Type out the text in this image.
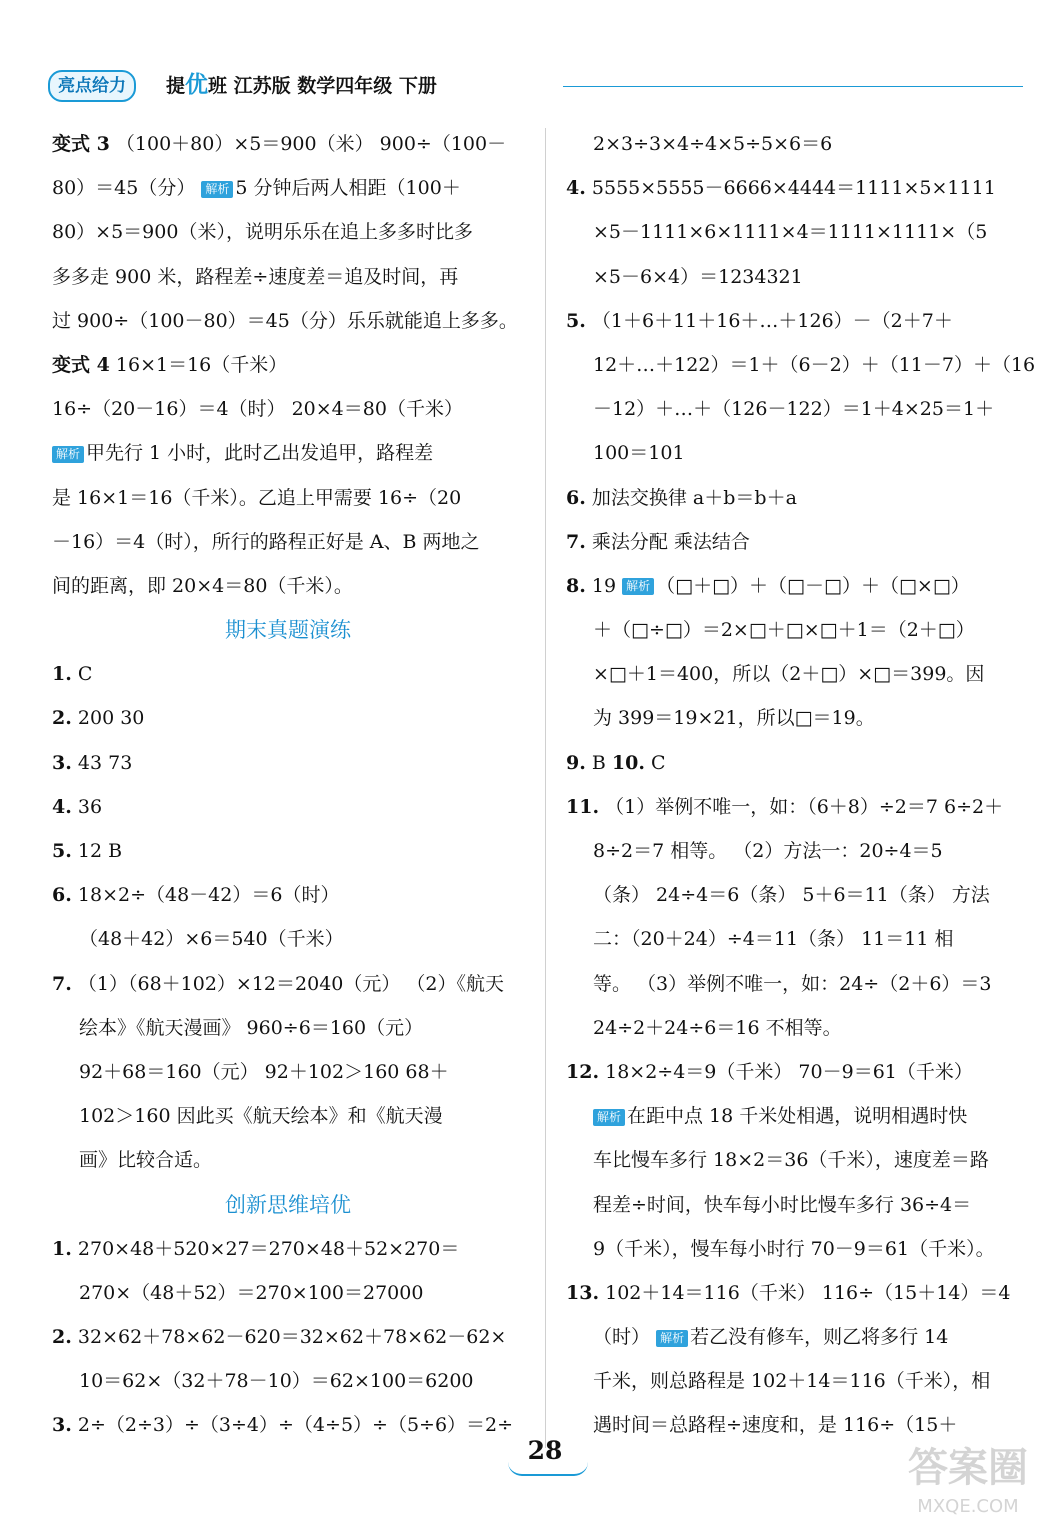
亮点给力	提优班 江苏版 数学四年级 下册
变式 3 （100＋80）×5＝900（米） 900÷（100－
80）＝45（分） 解析 5 分钟后两人相距（100＋
80）×5＝900（米），说明乐乐在追上多多时比多
多多走 900 米，路程差÷速度差＝追及时间，再
过 900÷（100－80）＝45（分）乐乐就能追上多多。
变式 4 16×1＝16（千米）
16÷（20－16）＝4（时） 20×4＝80（千米）
解析 甲先行 1 小时，此时乙出发追甲，路程差
是 16×1＝16（千米）。乙追上甲需要 16÷（20
－16）＝4（时），所行的路程正好是 A、B 两地之
间的距离，即 20×4＝80（千米）。
期末真题演练
1. C
2. 200 30
3. 43 73
4. 36
5. 12 B
6. 18×2÷（48－42）＝6（时）
（48＋42）×6＝540（千米）
7. （1）（68＋102）×12＝2040（元） （2）《航天
绘本》《航天漫画》 960÷6＝160（元）
92＋68＝160（元） 92＋102＞160 68＋
102＞160 因此买《航天绘本》和《航天漫
画》比较合适。
创新思维培优
1. 270×48＋520×27＝270×48＋52×270＝
270×（48＋52）＝270×100＝27000
2. 32×62＋78×62－620＝32×62＋78×62－62×
10＝62×（32＋78－10）＝62×100＝6200
3. 2÷（2÷3）÷（3÷4）÷（4÷5）÷（5÷6）＝2÷
2×3÷3×4÷4×5÷5×6＝6
4. 5555×5555－6666×4444＝1111×5×1111
×5－1111×6×1111×4＝1111×1111×（5
×5－6×4）＝1234321
5. （1＋6＋11＋16＋…＋126）－（2＋7＋
12＋…＋122）＝1＋（6－2）＋（11－7）＋（16
－12）＋…＋（126－122）＝1＋4×25＝1＋
100＝101
6. 加法交换律 a＋b＝b＋a
7. 乘法分配 乘法结合
8. 19 解析 （□＋□）＋（□－□）＋（□×□）
＋（□÷□）＝2×□＋□×□＋1＝（2＋□）
×□＋1＝400，所以（2＋□）×□＝399。因
为 399＝19×21，所以□＝19。
9. B 10. C
11. （1）举例不唯一，如：（6＋8）÷2＝7 6÷2＋
8÷2＝7 相等。 （2）方法一：20÷4＝5
（条） 24÷4＝6（条） 5＋6＝11（条） 方法
二：（20＋24）÷4＝11（条） 11＝11 相
等。 （3）举例不唯一，如：24÷（2＋6）＝3
24÷2＋24÷6＝16 不相等。
12. 18×2÷4＝9（千米） 70－9＝61（千米）
解析 在距中点 18 千米处相遇，说明相遇时快
车比慢车多行 18×2＝36（千米），速度差＝路
程差÷时间，快车每小时比慢车多行 36÷4＝
9（千米），慢车每小时行 70－9＝61（千米）。
13. 102＋14＝116（千米） 116÷（15＋14）＝4
（时） 解析 若乙没有修车，则乙将多行 14
千米，则总路程是 102＋14＝116（千米），相
遇时间＝总路程÷速度和，是 116÷（15＋
28	答案圈
MXQE.COM
